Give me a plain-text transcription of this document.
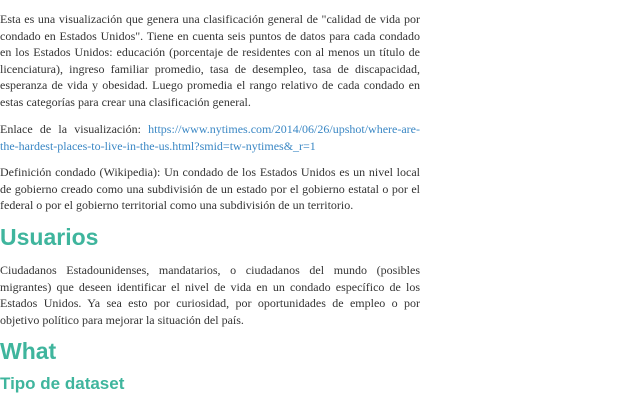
Esta es una visualización que genera una clasificación general de "calidad de vida por condado en Estados Unidos". Tiene en cuenta seis puntos de datos para cada condado en los Estados Unidos: educación (porcentaje de residentes con al menos un título de licenciatura), ingreso familiar promedio, tasa de desempleo, tasa de discapacidad, esperanza de vida y obesidad. Luego promedia el rango relativo de cada condado en estas categorías para crear una clasificación general.

Enlace de la visualización: https://www.nytimes.com/2014/06/26/upshot/where-are-the-hardest-places-to-live-in-the-us.html?smid=tw-nytimes&_r=1

Definición condado (Wikipedia): Un condado de los Estados Unidos es un nivel local de gobierno creado como una subdivisión de un estado por el gobierno estatal o por el federal o por el gobierno territorial como una subdivisión de un territorio.

Usuarios

Ciudadanos Estadounidenses, mandatarios, o ciudadanos del mundo (posibles migrantes) que deseen identificar el nivel de vida en un condado específico de los Estados Unidos. Ya sea esto por curiosidad, por oportunidades de empleo o por objetivo político para mejorar la situación del país.

What
Tipo de dataset
